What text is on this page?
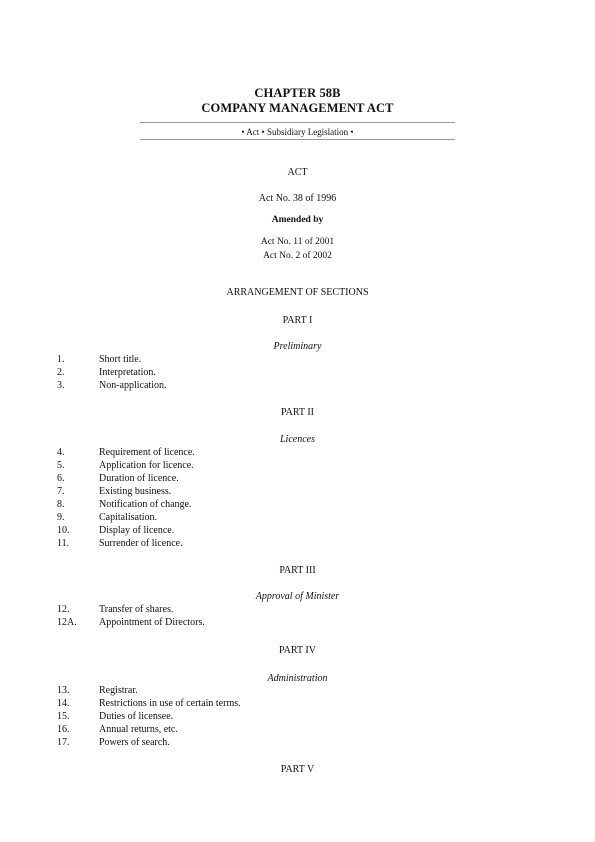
CHAPTER 58B
COMPANY MANAGEMENT ACT
• Act • Subsidiary Legislation •
ACT
Act No. 38 of 1996
Amended by
Act No. 11 of 2001
Act No. 2 of 2002
ARRANGEMENT OF SECTIONS
PART I
Preliminary
1.	Short title.
2.	Interpretation.
3.	Non-application.
PART II
Licences
4.	Requirement of licence.
5.	Application for licence.
6.	Duration of licence.
7.	Existing business.
8.	Notification of change.
9.	Capitalisation.
10.	Display of licence.
11.	Surrender of licence.
PART III
Approval of Minister
12.	Transfer of shares.
12A. Appointment of Directors.
PART IV
Administration
13.	Registrar.
14.	Restrictions in use of certain terms.
15.	Duties of licensee.
16.	Annual returns, etc.
17.	Powers of search.
PART V
